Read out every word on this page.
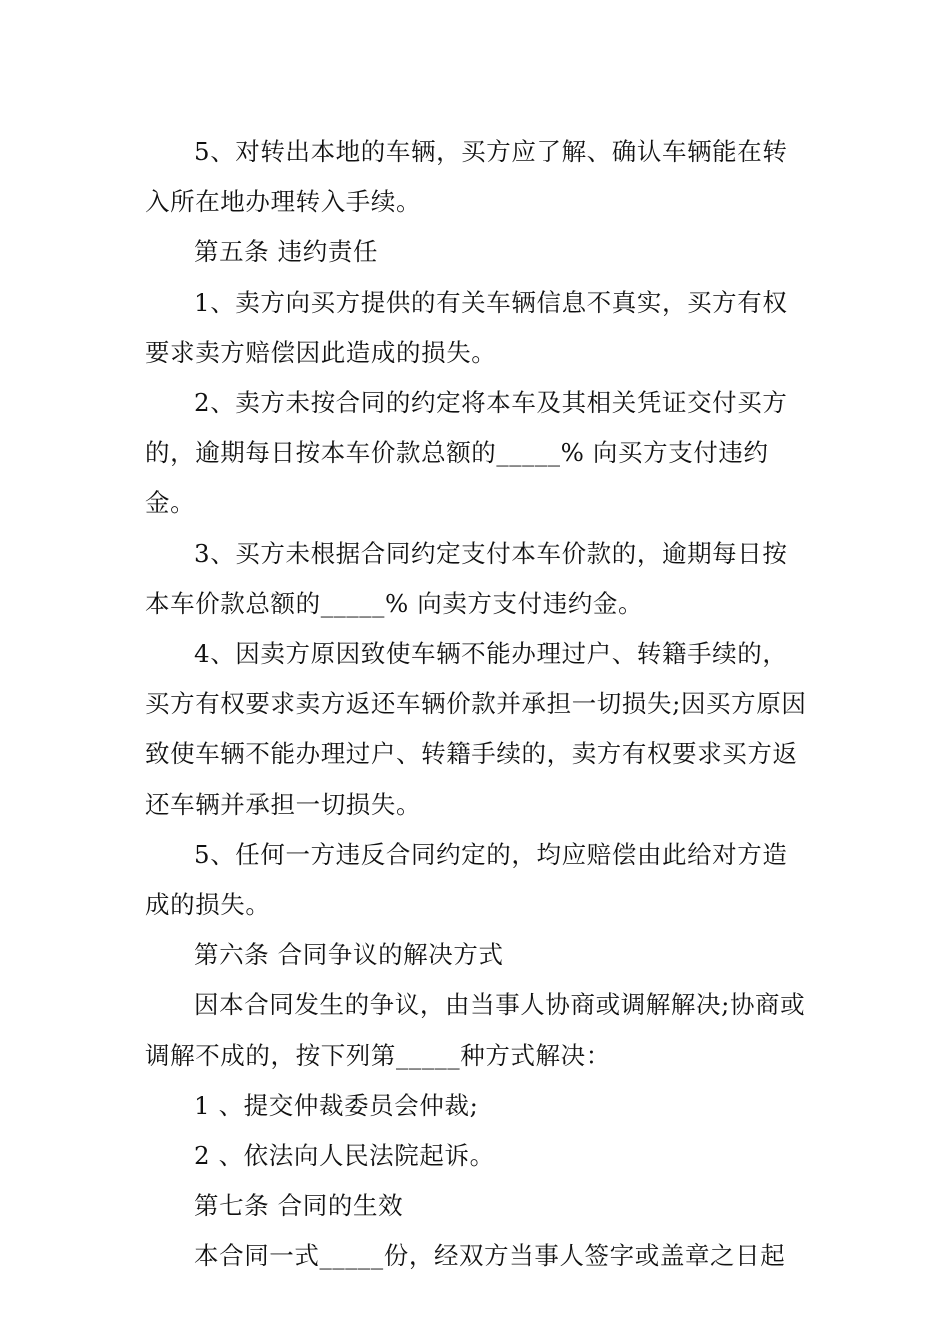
5、对转出本地的车辆，买方应了解、确认车辆能在转入所在地办理转入手续。

第五条 违约责任

1、卖方向买方提供的有关车辆信息不真实，买方有权要求卖方赔偿因此造成的损失。

2、卖方未按合同的约定将本车及其相关凭证交付买方的，逾期每日按本车价款总额的_____% 向买方支付违约金。

3、买方未根据合同约定支付本车价款的，逾期每日按本车价款总额的_____% 向卖方支付违约金。

4、因卖方原因致使车辆不能办理过户、转籍手续的，买方有权要求卖方返还车辆价款并承担一切损失;因买方原因致使车辆不能办理过户、转籍手续的，卖方有权要求买方返还车辆并承担一切损失。

5、任何一方违反合同约定的，均应赔偿由此给对方造成的损失。

第六条 合同争议的解决方式

因本合同发生的争议，由当事人协商或调解解决;协商或调解不成的，按下列第_____种方式解决：

1 、提交仲裁委员会仲裁;

2 、依法向人民法院起诉。

第七条 合同的生效

本合同一式_____份，经双方当事人签字或盖章之日起
